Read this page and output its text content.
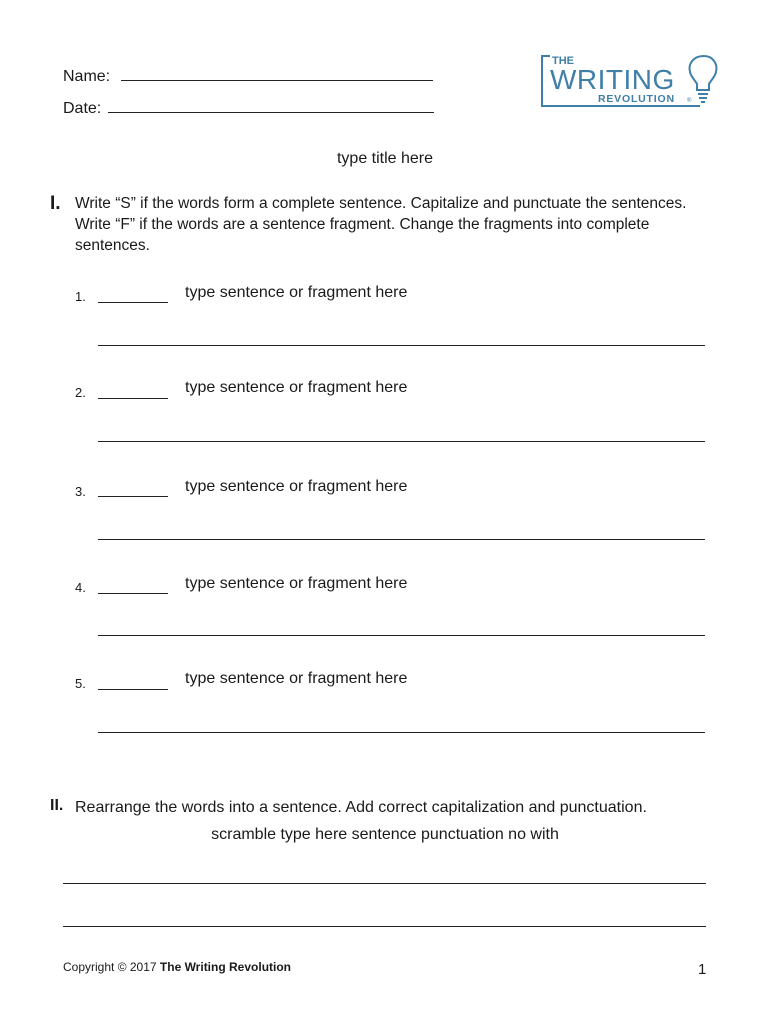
Name:
Date:
THE
WRITING
REVOLUTION ®
type title here
I. Write “S” if the words form a complete sentence. Capitalize and punctuate the sentences. Write “F” if the words are a sentence fragment. Change the fragments into complete sentences.
1.	type sentence or fragment here
2.	type sentence or fragment here
3.	type sentence or fragment here
4.	type sentence or fragment here
5.	type sentence or fragment here
II. Rearrange the words into a sentence. Add correct capitalization and punctuation.
scramble type here sentence punctuation no with
Copyright © 2017 The Writing Revolution	1
